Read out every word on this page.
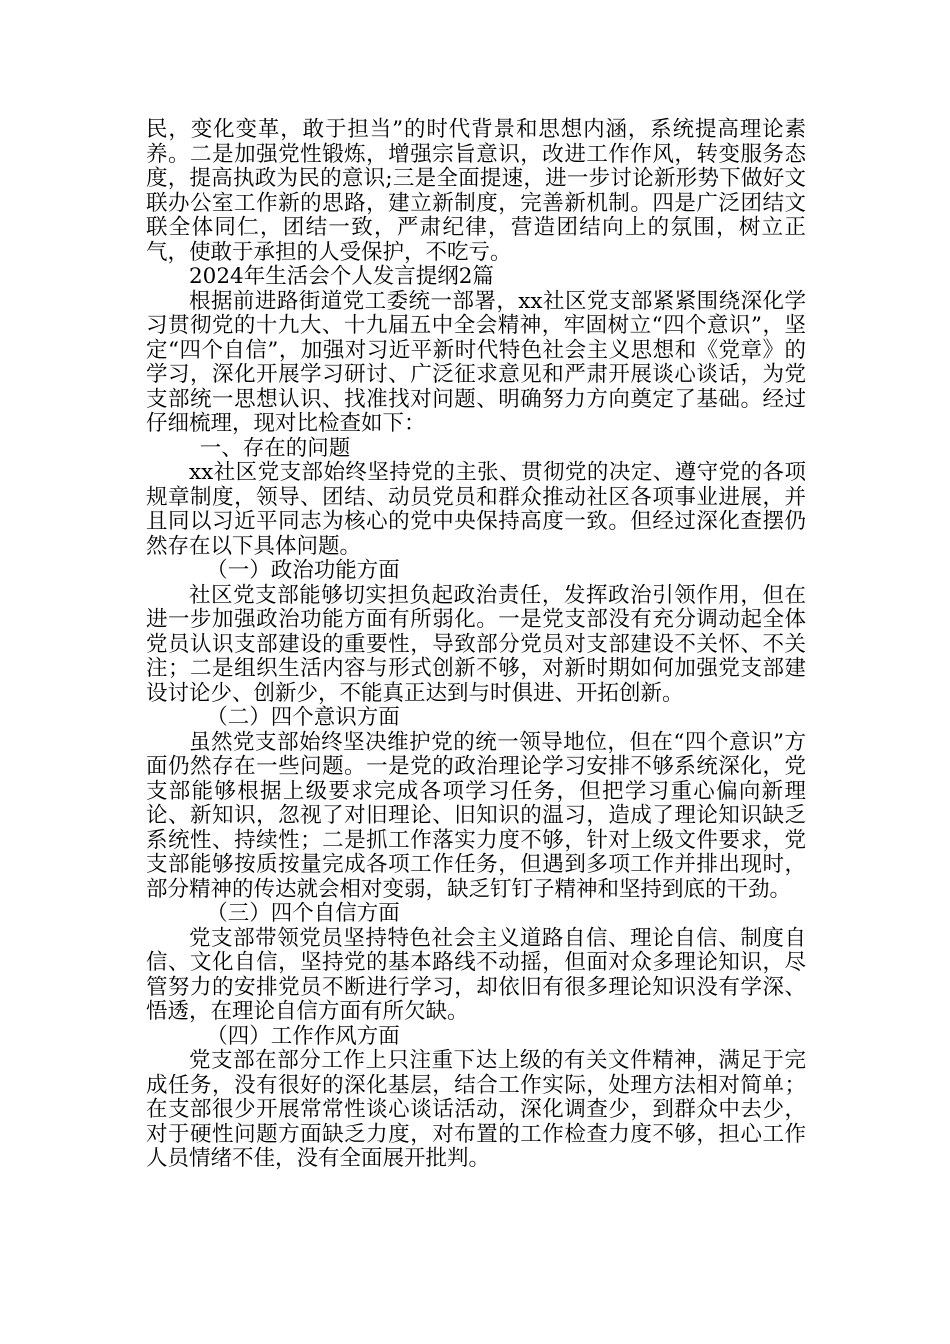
民，变化变革，敢于担当”的时代背景和思想内涵，系统提高理论素养。二是加强党性锻炼，增强宗旨意识，改进工作作风，转变服务态度，提高执政为民的意识;三是全面提速，进一步讨论新形势下做好文联办公室工作新的思路，建立新制度，完善新机制。四是广泛团结文联全体同仁，团结一致，严肃纪律，营造团结向上的氛围，树立正气，使敢于承担的人受保护，不吃亏。

2024年生活会个人发言提纲2篇

根据前进路街道党工委统一部署，xx社区党支部紧紧围绕深化学习贯彻党的十九大、十九届五中全会精神，牢固树立“四个意识”，坚定“四个自信”，加强对习近平新时代特色社会主义思想和《党章》的学习，深化开展学习研讨、广泛征求意见和严肃开展谈心谈话，为党支部统一思想认识、找准找对问题、明确努力方向奠定了基础。经过仔细梳理，现对比检查如下：

一、存在的问题

xx社区党支部始终坚持党的主张、贯彻党的决定、遵守党的各项规章制度，领导、团结、动员党员和群众推动社区各项事业进展，并且同以习近平同志为核心的党中央保持高度一致。但经过深化查摆仍然存在以下具体问题。

（一）政治功能方面

社区党支部能够切实担负起政治责任，发挥政治引领作用，但在进一步加强政治功能方面有所弱化。一是党支部没有充分调动起全体党员认识支部建设的重要性，导致部分党员对支部建设不关怀、不关注；二是组织生活内容与形式创新不够，对新时期如何加强党支部建设讨论少、创新少，不能真正达到与时俱进、开拓创新。

（二）四个意识方面

虽然党支部始终坚决维护党的统一领导地位，但在“四个意识”方面仍然存在一些问题。一是党的政治理论学习安排不够系统深化，党支部能够根据上级要求完成各项学习任务，但把学习重心偏向新理论、新知识，忽视了对旧理论、旧知识的温习，造成了理论知识缺乏系统性、持续性；二是抓工作落实力度不够，针对上级文件要求，党支部能够按质按量完成各项工作任务，但遇到多项工作并排出现时，部分精神的传达就会相对变弱，缺乏钉钉子精神和坚持到底的干劲。

（三）四个自信方面

党支部带领党员坚持特色社会主义道路自信、理论自信、制度自信、文化自信，坚持党的基本路线不动摇，但面对众多理论知识，尽管努力的安排党员不断进行学习，却依旧有很多理论知识没有学深、悟透，在理论自信方面有所欠缺。

（四）工作作风方面

党支部在部分工作上只注重下达上级的有关文件精神，满足于完成任务，没有很好的深化基层，结合工作实际，处理方法相对简单；在支部很少开展常常性谈心谈话活动，深化调查少，到群众中去少，对于硬性问题方面缺乏力度，对布置的工作检查力度不够，担心工作人员情绪不佳，没有全面展开批判。
